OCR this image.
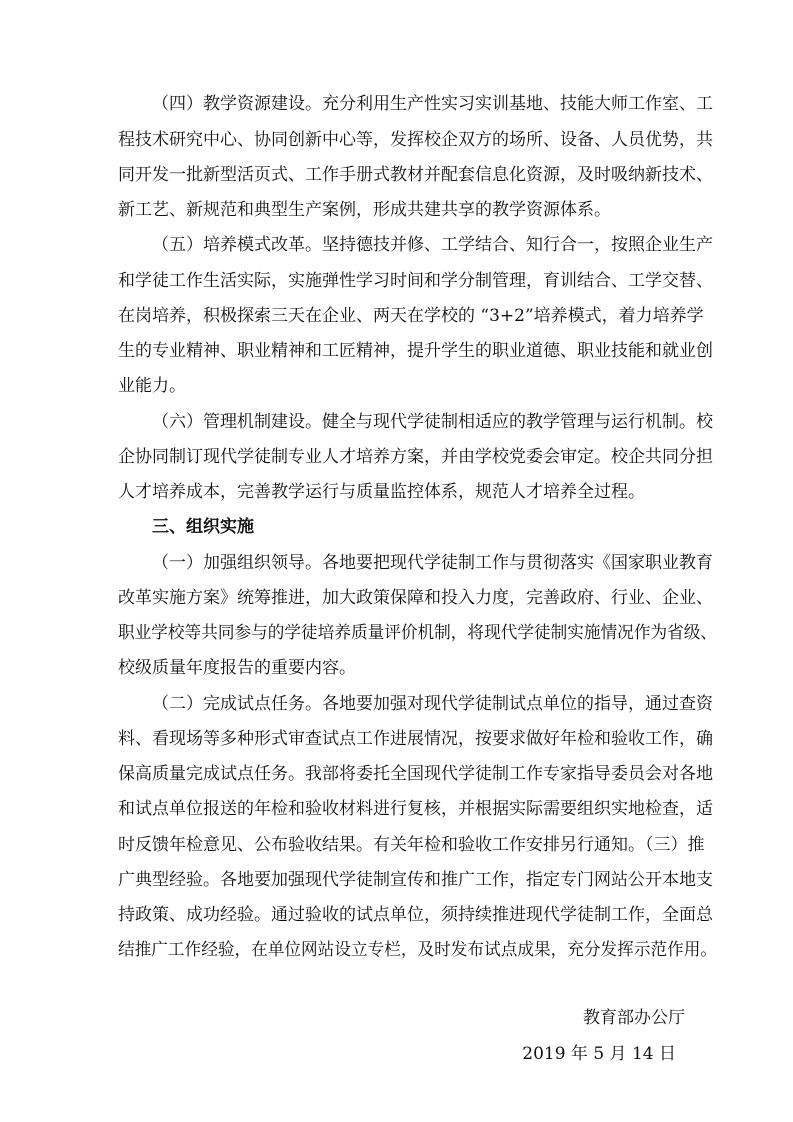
（四）教学资源建设。充分利用生产性实习实训基地、技能大师工作室、工
程技术研究中心、协同创新中心等，发挥校企双方的场所、设备、人员优势，共
同开发一批新型活页式、工作手册式教材并配套信息化资源，及时吸纳新技术、
新工艺、新规范和典型生产案例，形成共建共享的教学资源体系。
（五）培养模式改革。坚持德技并修、工学结合、知行合一，按照企业生产
和学徒工作生活实际，实施弹性学习时间和学分制管理，育训结合、工学交替、
在岗培养，积极探索三天在企业、两天在学校的 “3+2”培养模式，着力培养学
生的专业精神、职业精神和工匠精神，提升学生的职业道德、职业技能和就业创
业能力。
（六）管理机制建设。健全与现代学徒制相适应的教学管理与运行机制。校
企协同制订现代学徒制专业人才培养方案，并由学校党委会审定。校企共同分担
人才培养成本，完善教学运行与质量监控体系，规范人才培养全过程。
三、组织实施
（一）加强组织领导。各地要把现代学徒制工作与贯彻落实《国家职业教育
改革实施方案》统筹推进，加大政策保障和投入力度，完善政府、行业、企业、
职业学校等共同参与的学徒培养质量评价机制，将现代学徒制实施情况作为省级、
校级质量年度报告的重要内容。
（二）完成试点任务。各地要加强对现代学徒制试点单位的指导，通过查资
料、看现场等多种形式审查试点工作进展情况，按要求做好年检和验收工作，确
保高质量完成试点任务。我部将委托全国现代学徒制工作专家指导委员会对各地
和试点单位报送的年检和验收材料进行复核，并根据实际需要组织实地检查，适
时反馈年检意见、公布验收结果。有关年检和验收工作安排另行通知。（三）推
广典型经验。各地要加强现代学徒制宣传和推广工作，指定专门网站公开本地支
持政策、成功经验。通过验收的试点单位，须持续推进现代学徒制工作，全面总
结推广工作经验，在单位网站设立专栏，及时发布试点成果，充分发挥示范作用。
教育部办公厅
2019 年 5 月 14 日
